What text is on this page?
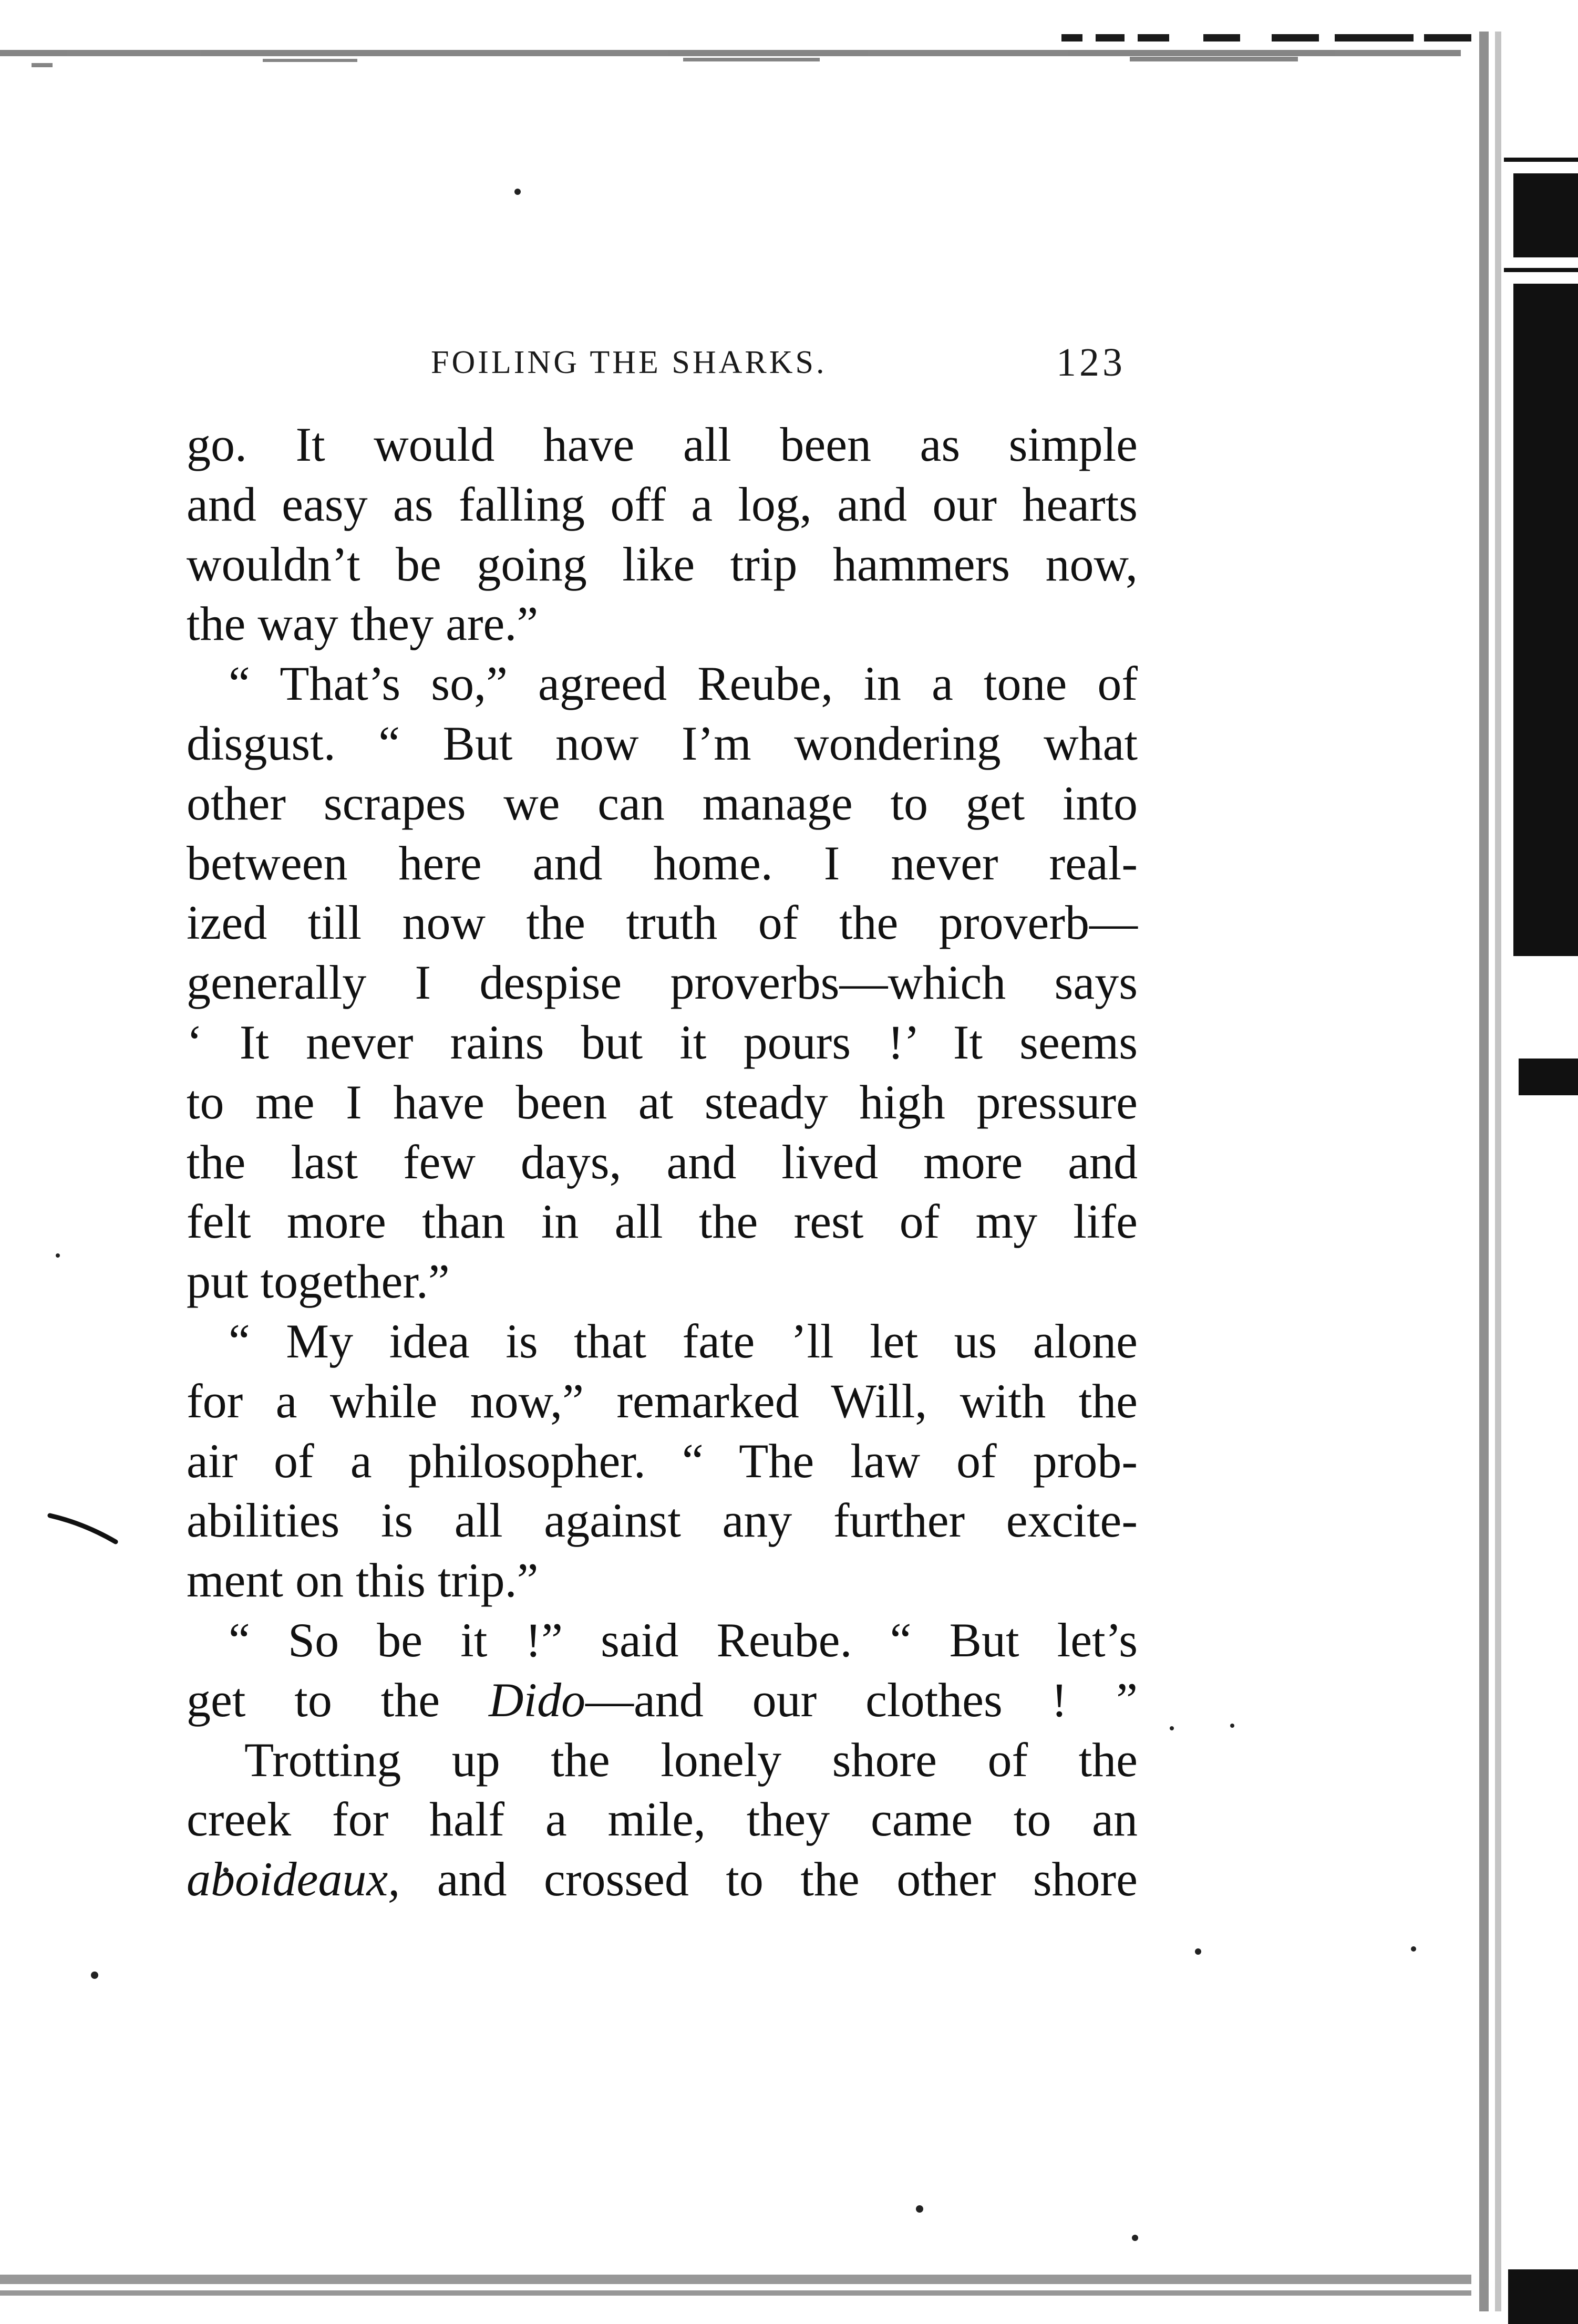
FOILING THE SHARKS.	123
go. It would have all been as simple
and easy as falling off a log, and our hearts
wouldn’t be going like trip hammers now,
the way they are.”
“ That’s so,” agreed Reube, in a tone of
disgust. “ But now I’m wondering what
other scrapes we can manage to get into
between here and home. I never real-
ized till now the truth of the proverb—
generally I despise proverbs—which says
‘ It never rains but it pours !’ It seems
to me I have been at steady high pressure
the last few days, and lived more and
felt more than in all the rest of my life
put together.”
“ My idea is that fate ’ll let us alone
for a while now,” remarked Will, with the
air of a philosopher. “ The law of prob-
abilities is all against any further excite-
ment on this trip.”
“ So be it !” said Reube. “ But let’s
get to the Dido—and our clothes ! ”
Trotting up the lonely shore of the
creek for half a mile, they came to an
aboideaux, and crossed to the other shore
